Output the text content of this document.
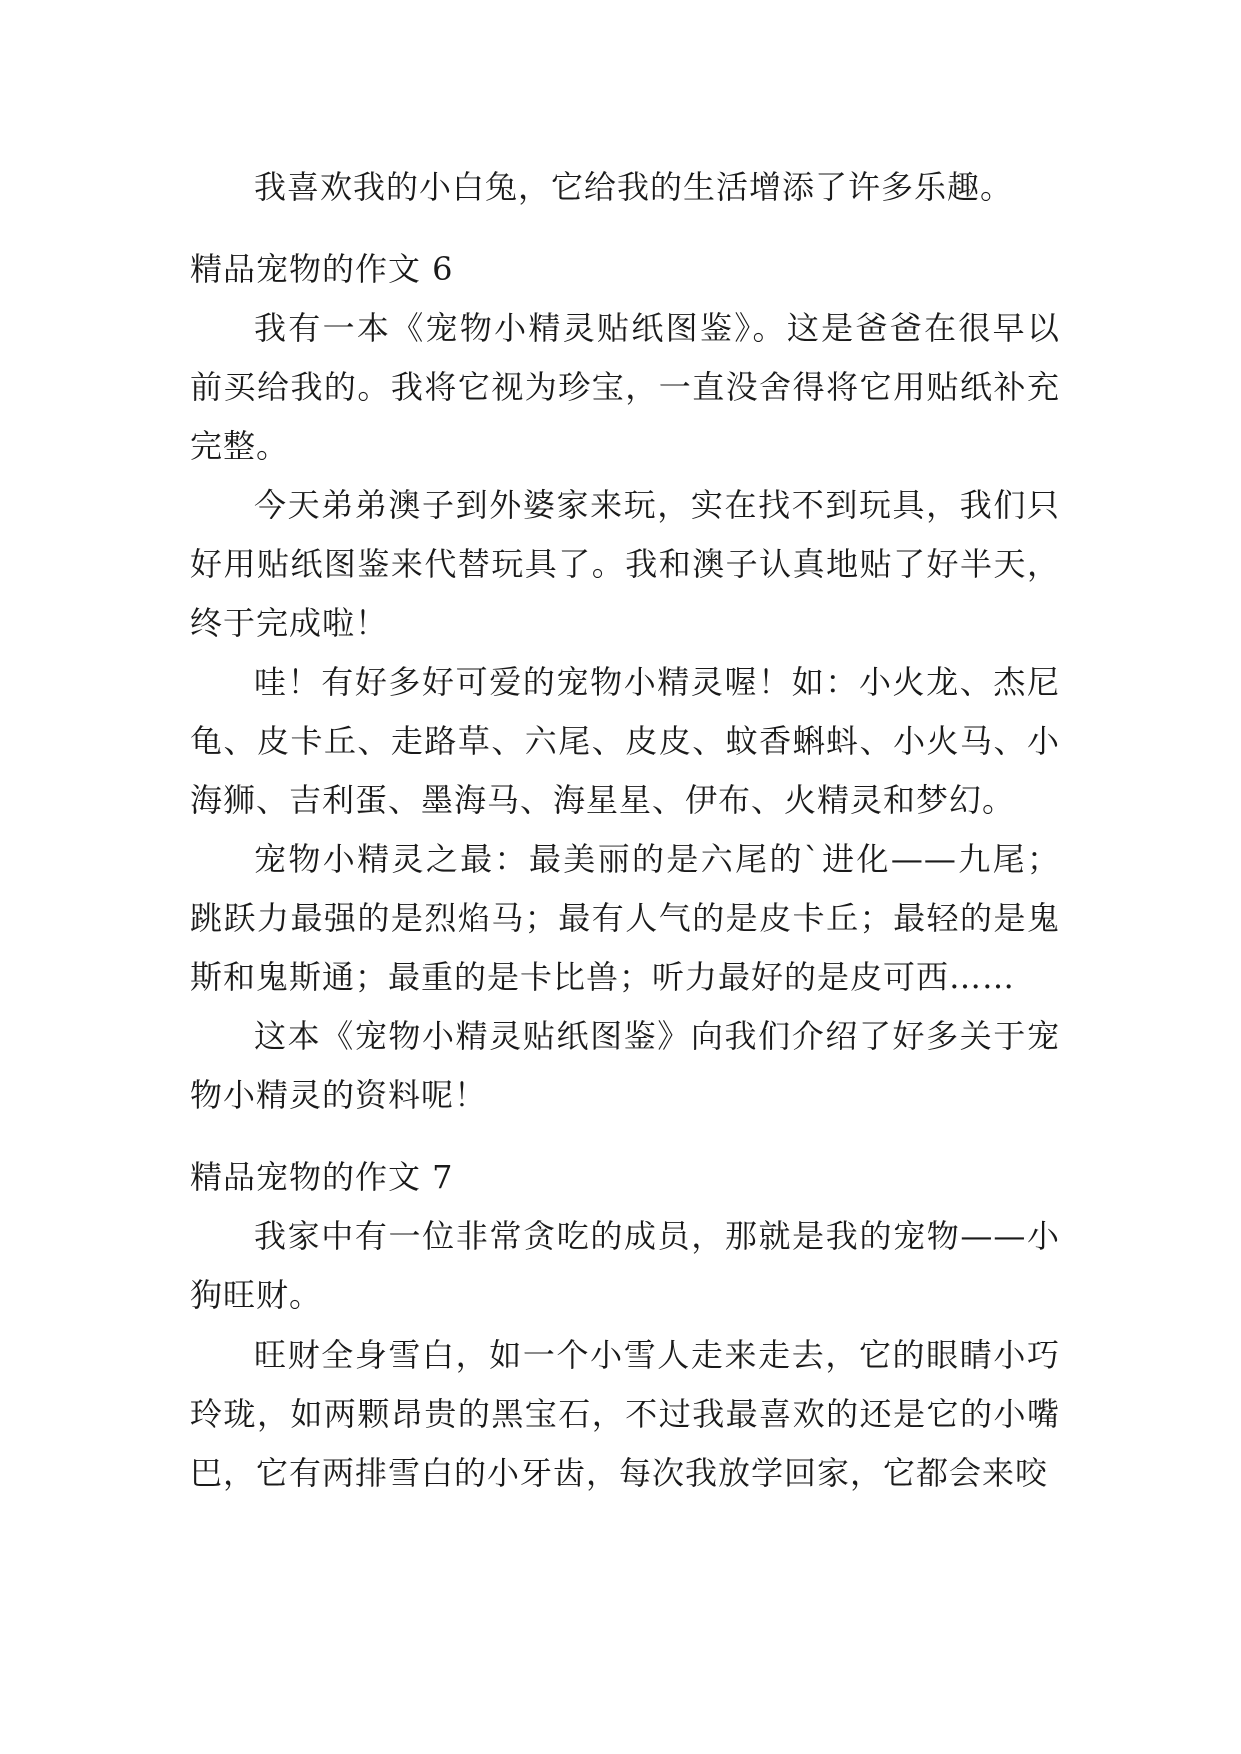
我喜欢我的小白兔，它给我的生活增添了许多乐趣。

精品宠物的作文 6

我有一本《宠物小精灵贴纸图鉴》。这是爸爸在很早以前买给我的。我将它视为珍宝，一直没舍得将它用贴纸补充完整。

今天弟弟澳子到外婆家来玩，实在找不到玩具，我们只好用贴纸图鉴来代替玩具了。我和澳子认真地贴了好半天，终于完成啦！

哇！有好多好可爱的宠物小精灵喔！如：小火龙、杰尼龟、皮卡丘、走路草、六尾、皮皮、蚊香蝌蚪、小火马、小海狮、吉利蛋、墨海马、海星星、伊布、火精灵和梦幻。

宠物小精灵之最：最美丽的是六尾的`进化——九尾；跳跃力最强的是烈焰马；最有人气的是皮卡丘；最轻的是鬼斯和鬼斯通；最重的是卡比兽；听力最好的是皮可西……

这本《宠物小精灵贴纸图鉴》向我们介绍了好多关于宠物小精灵的资料呢！

精品宠物的作文 7

我家中有一位非常贪吃的成员，那就是我的宠物——小狗旺财。

旺财全身雪白，如一个小雪人走来走去，它的眼睛小巧玲珑，如两颗昂贵的黑宝石，不过我最喜欢的还是它的小嘴巴，它有两排雪白的小牙齿，每次我放学回家，它都会来咬
